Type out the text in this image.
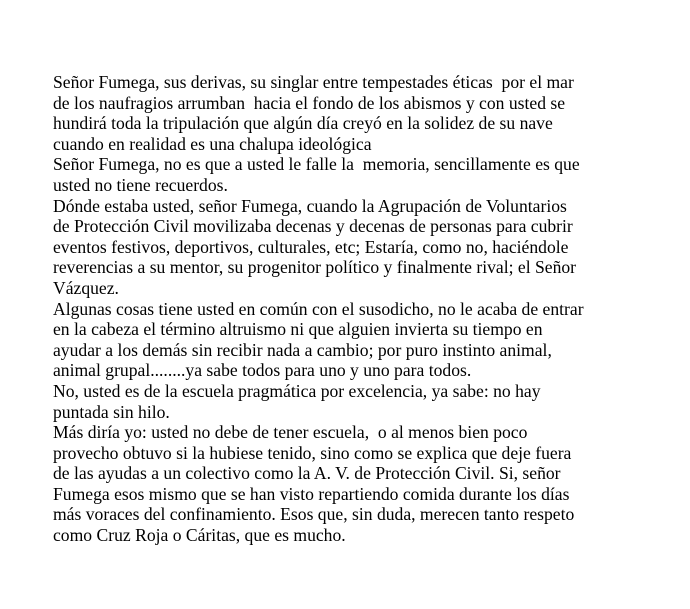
Señor Fumega, sus derivas, su singlar entre tempestades éticas  por el mar
de los naufragios arrumban  hacia el fondo de los abismos y con usted se
hundirá toda la tripulación que algún día creyó en la solidez de su nave
cuando en realidad es una chalupa ideológica
Señor Fumega, no es que a usted le falle la  memoria, sencillamente es que
usted no tiene recuerdos.
Dónde estaba usted, señor Fumega, cuando la Agrupación de Voluntarios
de Protección Civil movilizaba decenas y decenas de personas para cubrir
eventos festivos, deportivos, culturales, etc; Estaría, como no, haciéndole
reverencias a su mentor, su progenitor político y finalmente rival; el Señor
Vázquez.
Algunas cosas tiene usted en común con el susodicho, no le acaba de entrar
en la cabeza el término altruismo ni que alguien invierta su tiempo en
ayudar a los demás sin recibir nada a cambio; por puro instinto animal,
animal grupal........ya sabe todos para uno y uno para todos.
No, usted es de la escuela pragmática por excelencia, ya sabe: no hay
puntada sin hilo.
Más diría yo: usted no debe de tener escuela,  o al menos bien poco
provecho obtuvo si la hubiese tenido, sino como se explica que deje fuera
de las ayudas a un colectivo como la A. V. de Protección Civil. Si, señor
Fumega esos mismo que se han visto repartiendo comida durante los días
más voraces del confinamiento. Esos que, sin duda, merecen tanto respeto
como Cruz Roja o Cáritas, que es mucho.
